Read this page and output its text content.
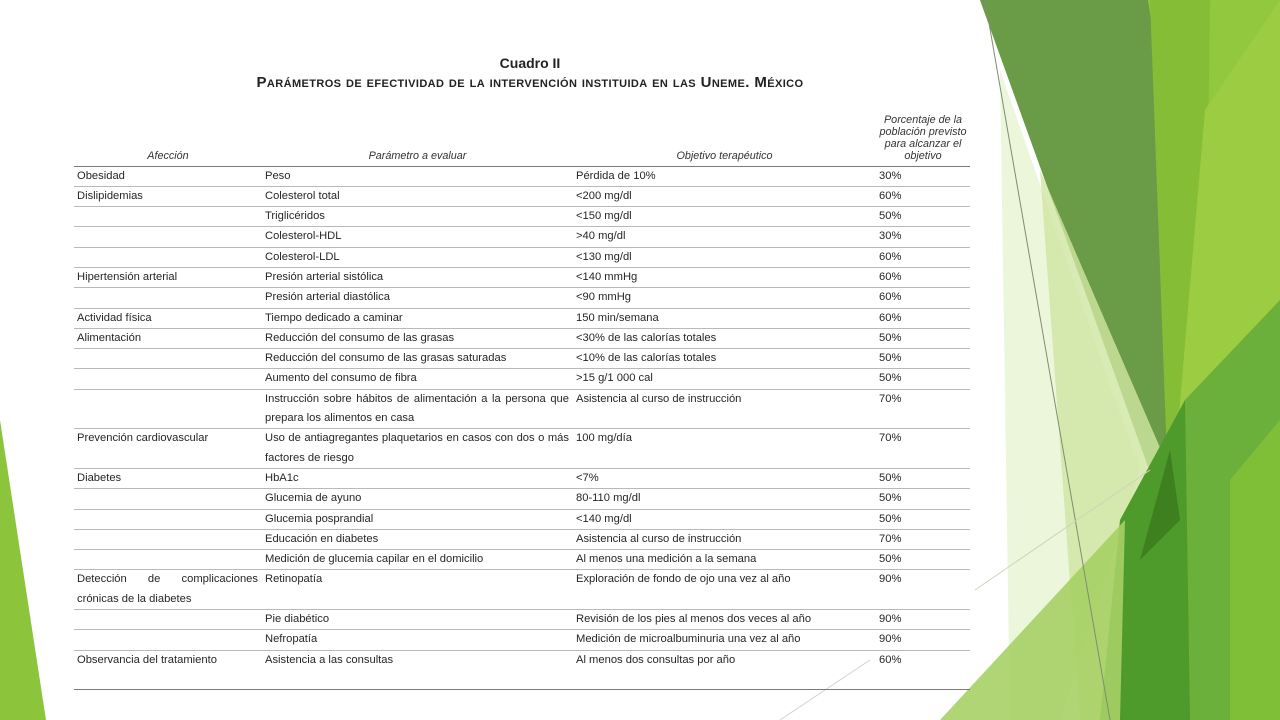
Cuadro II
Parámetros de efectividad de la intervención instituida en las Uneme. México
Afección	Parámetro a evaluar	Objetivo terapéutico	Porcentaje de la población previsto para alcanzar el objetivo
Obesidad	Peso	Pérdida de 10%	30%
Dislipidemias	Colesterol total	<200 mg/dl	60%
	Triglicéridos	<150 mg/dl	50%
	Colesterol-HDL	>40 mg/dl	30%
	Colesterol-LDL	<130 mg/dl	60%
Hipertensión arterial	Presión arterial sistólica	<140 mmHg	60%
	Presión arterial diastólica	<90 mmHg	60%
Actividad física	Tiempo dedicado a caminar	150 min/semana	60%
Alimentación	Reducción del consumo de las grasas	<30% de las calorías totales	50%
	Reducción del consumo de las grasas saturadas	<10% de las calorías totales	50%
	Aumento del consumo de fibra	>15 g/1 000 cal	50%
	Instrucción sobre hábitos de alimentación a la persona que prepara los alimentos en casa	Asistencia al curso de instrucción	70%
Prevención cardiovascular	Uso de antiagregantes plaquetarios en casos con dos o más factores de riesgo	100 mg/día	70%
Diabetes	HbA1c	<7%	50%
	Glucemia de ayuno	80-110 mg/dl	50%
	Glucemia posprandial	<140 mg/dl	50%
	Educación en diabetes	Asistencia al curso de instrucción	70%
	Medición de glucemia capilar en el domicilio	Al menos una medición a la semana	50%
Detección de complicaciones crónicas de la diabetes	Retinopatía	Exploración de fondo de ojo una vez al año	90%
	Pie diabético	Revisión de los pies al menos dos veces al año	90%
	Nefropatía	Medición de microalbuminuria una vez al año	90%
Observancia del tratamiento	Asistencia a las consultas	Al menos dos consultas por año	60%
